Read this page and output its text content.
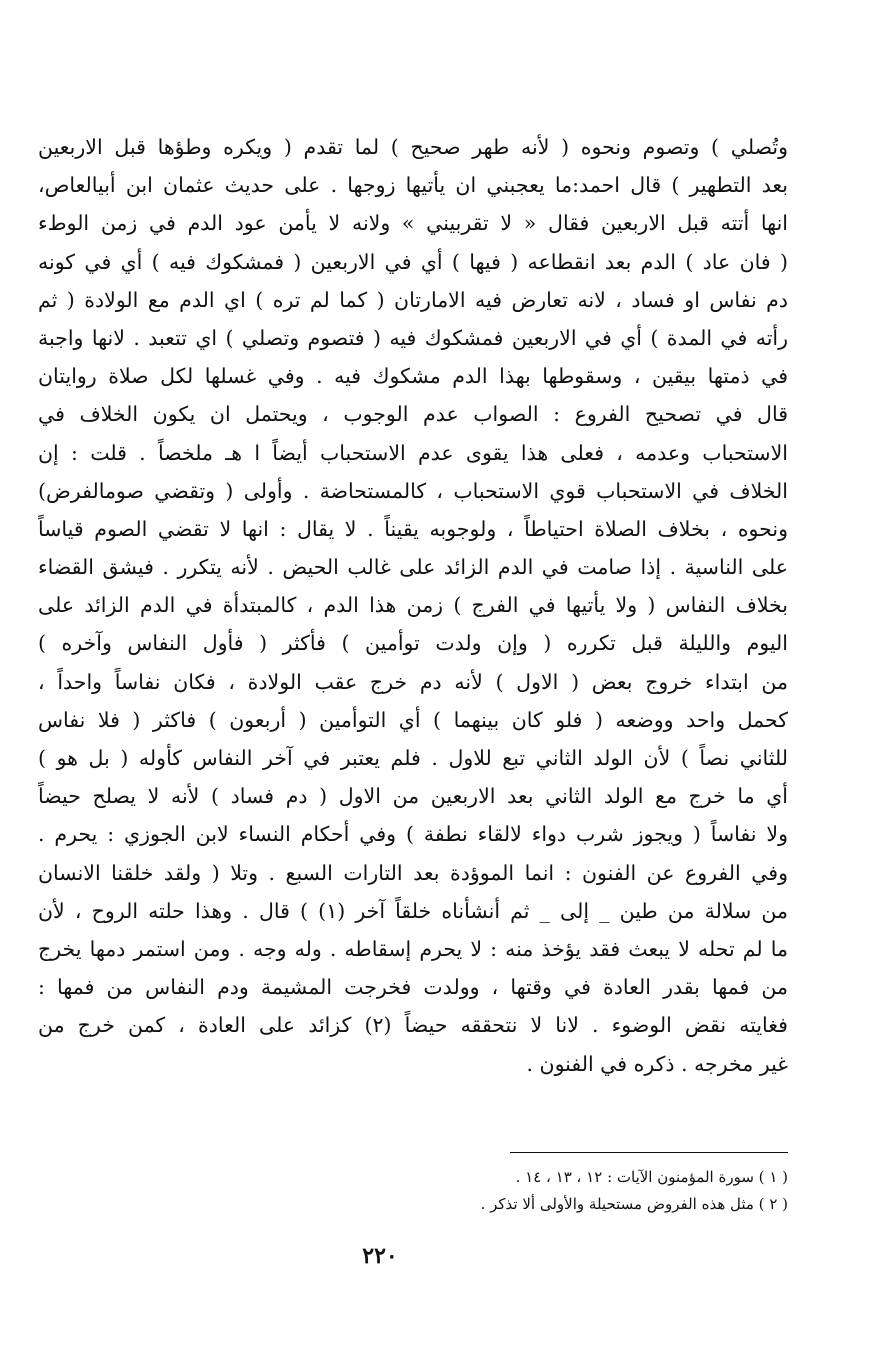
وتُصلي ) وتصوم ونحوه ( لأنه طهر صحيح ) لما تقدم ( ويكره وطؤها قبل الاربعين
بعد التطهير ) قال احمد:ما يعجبني ان يأتيها زوجها . على حديث عثمان ابن أبيالعاص،
انها أتته قبل الاربعين فقال « لا تقربيني » ولانه لا يأمن عود الدم في زمن الوطء
( فان عاد ) الدم بعد انقطاعه ( فيها ) أي في الاربعين ( فمشكوك فيه ) أي في كونه
دم نفاس او فساد ، لانه تعارض فيه الامارتان ( كما لم تره ) اي الدم مع الولادة ( ثم
رأته في المدة ) أي في الاربعين فمشكوك فيه ( فتصوم وتصلي ) اي تتعبد . لانها واجبة
في ذمتها بيقين ، وسقوطها بهذا الدم مشكوك فيه . وفي غسلها لكل صلاة روايتان
قال في تصحيح الفروع : الصواب عدم الوجوب ، ويحتمل ان يكون الخلاف في
الاستحباب وعدمه ، فعلى هذا يقوى عدم الاستحباب أيضاً ا هـ ملخصاً . قلت : إن
الخلاف في الاستحباب قوي الاستحباب ، كالمستحاضة . وأولى ( وتقضي صومالفرض)
ونحوه ، بخلاف الصلاة احتياطاً ، ولوجوبه يقيناً . لا يقال : انها لا تقضي الصوم قياساً
على الناسية . إذا صامت في الدم الزائد على غالب الحيض . لأنه يتكرر . فيشق القضاء
بخلاف النفاس ( ولا يأتيها في الفرج ) زمن هذا الدم ، كالمبتدأة في الدم الزائد على
اليوم والليلة قبل تكرره ( وإن ولدت توأمين ) فأكثر ( فأول النفاس وآخره )
من ابتداء خروج بعض ( الاول ) لأنه دم خرج عقب الولادة ، فكان نفاساً واحداً ،
كحمل واحد ووضعه ( فلو كان بينهما ) أي التوأمين ( أربعون ) فاكثر ( فلا نفاس
للثاني نصاً ) لأن الولد الثاني تبع للاول . فلم يعتبر في آخر النفاس كأوله ( بل هو )
أي ما خرج مع الولد الثاني بعد الاربعين من الاول ( دم فساد ) لأنه لا يصلح حيضاً
ولا نفاساً ( ويجوز شرب دواء لالقاء نطفة ) وفي أحكام النساء لابن الجوزي : يحرم .
وفي الفروع عن الفنون : انما الموؤدة بعد التارات السبع . وتلا ( ولقد خلقنا الانسان
من سلالة من طين _ إلى _ ثم أنشأناه خلقاً آخر (١) ) قال . وهذا حلته الروح ، لأن
ما لم تحله لا يبعث فقد يؤخذ منه : لا يحرم إسقاطه . وله وجه . ومن استمر دمها يخرج
من فمها بقدر العادة في وقتها ، وولدت فخرجت المشيمة ودم النفاس من فمها :
فغايته نقض الوضوء . لانا لا نتحققه حيضاً (٢) كزائد على العادة ، كمن خرج من
غير مخرجه . ذكره في الفنون .
( ١ ) سورة المؤمنون الآيات : ١٢ ، ١٣ ، ١٤ .
( ٢ ) مثل هذه الفروض مستحيلة والأولى ألا تذكر .
٢٢٠
